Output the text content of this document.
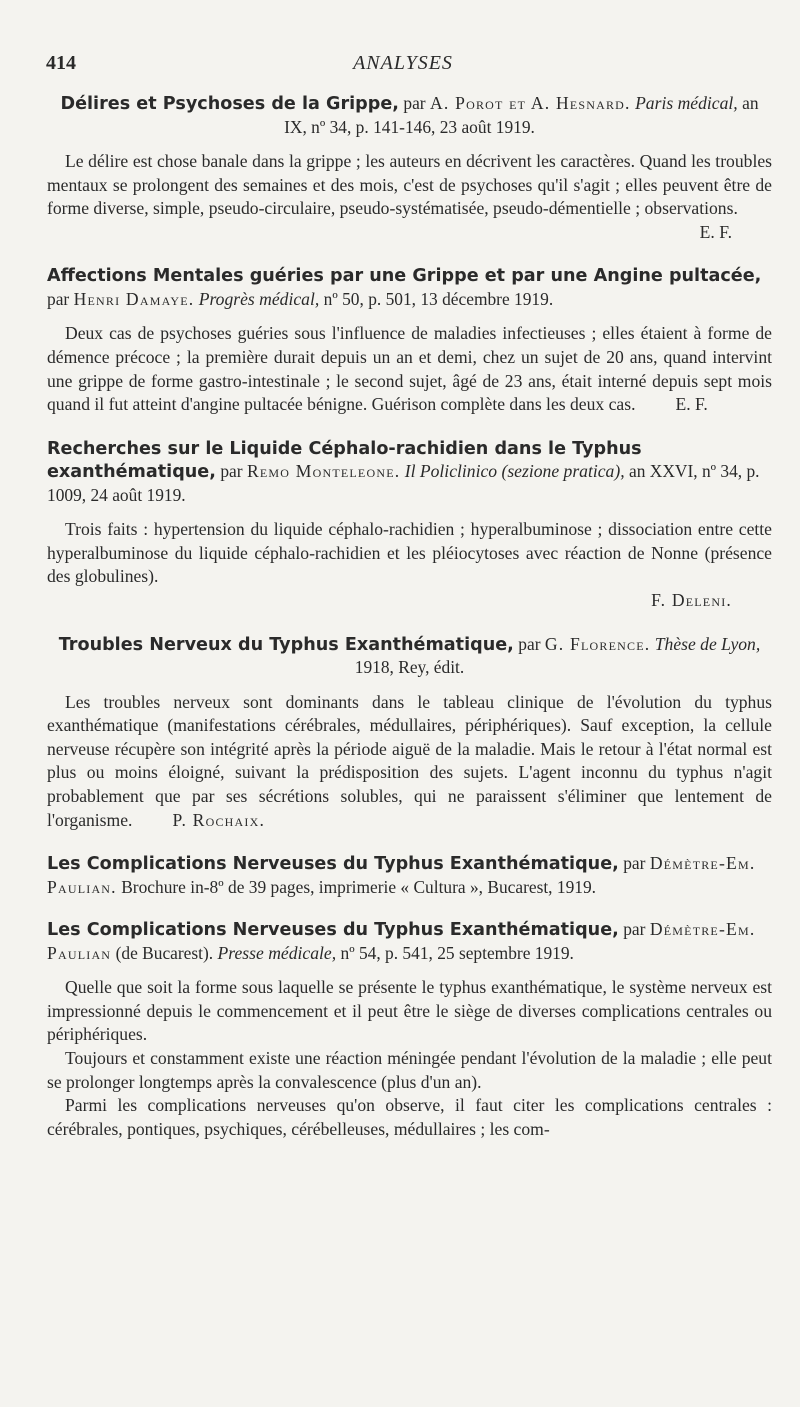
414	ANALYSES
Délires et Psychoses de la Grippe, par A. Porot et A. Hesnard. Paris médical, an IX, nº 34, p. 141-146, 23 août 1919.

Le délire est chose banale dans la grippe ; les auteurs en décrivent les caractères. Quand les troubles mentaux se prolongent des semaines et des mois, c'est de psychoses qu'il s'agit ; elles peuvent être de forme diverse, simple, pseudo-circulaire, pseudo-systématisée, pseudo-démentielle ; observations.

E. F.
Affections Mentales guéries par une Grippe et par une Angine pultacée, par Henri Damaye. Progrès médical, nº 50, p. 501, 13 décembre 1919.

Deux cas de psychoses guéries sous l'influence de maladies infectieuses ; elles étaient à forme de démence précoce ; la première durait depuis un an et demi, chez un sujet de 20 ans, quand intervint une grippe de forme gastro-intestinale ; le second sujet, âgé de 23 ans, était interné depuis sept mois quand il fut atteint d'angine pultacée bénigne. Guérison complète dans les deux cas. E. F.

Recherches sur le Liquide Céphalo-rachidien dans le Typhus exanthématique, par Remo Monteleone. Il Policlinico (sezione pratica), an XXVI, nº 34, p. 1009, 24 août 1919.

Trois faits : hypertension du liquide céphalo-rachidien ; hyperalbuminose ; dissociation entre cette hyperalbuminose du liquide céphalo-rachidien et les pléiocytoses avec réaction de Nonne (présence des globulines).

F. Deleni.
Troubles Nerveux du Typhus Exanthématique, par G. Florence. Thèse de Lyon, 1918, Rey, édit.

Les troubles nerveux sont dominants dans le tableau clinique de l'évolution du typhus exanthématique (manifestations cérébrales, médullaires, périphériques). Sauf exception, la cellule nerveuse récupère son intégrité après la période aiguë de la maladie. Mais le retour à l'état normal est plus ou moins éloigné, suivant la prédisposition des sujets. L'agent inconnu du typhus n'agit probablement que par ses sécrétions solubles, qui ne paraissent s'éliminer que lentement de l'organisme. P. Rochaix.

Les Complications Nerveuses du Typhus Exanthématique, par Démètre-Em. Paulian. Brochure in-8º de 39 pages, imprimerie « Cultura », Bucarest, 1919.
Les Complications Nerveuses du Typhus Exanthématique, par Démètre-Em. Paulian (de Bucarest). Presse médicale, nº 54, p. 541, 25 septembre 1919.

Quelle que soit la forme sous laquelle se présente le typhus exanthématique, le système nerveux est impressionné depuis le commencement et il peut être le siège de diverses complications centrales ou périphériques.

Toujours et constamment existe une réaction méningée pendant l'évolution de la maladie ; elle peut se prolonger longtemps après la convalescence (plus d'un an).

Parmi les complications nerveuses qu'on observe, il faut citer les complications centrales : cérébrales, pontiques, psychiques, cérébelleuses, médullaires ; les com-
